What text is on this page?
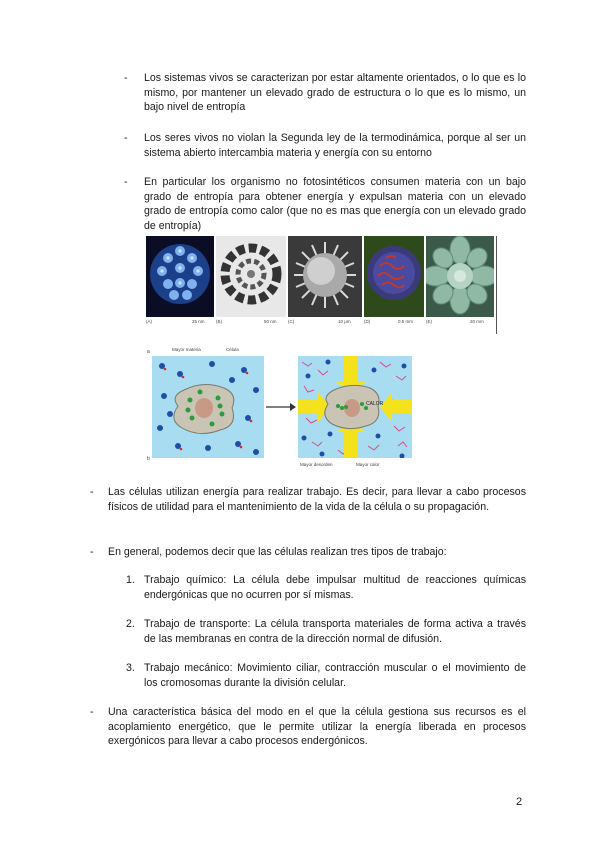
- Los sistemas vivos se caracterizan por estar altamente orientados, o lo que es lo mismo, por mantener un elevado grado de estructura o lo que es lo mismo, un bajo nivel de entropía
- Los seres vivos no violan la Segunda ley de la termodinámica, porque al ser un sistema abierto intercambia materia y energía con su entorno
- En particular los organismo no fotosintéticos consumen materia con un bajo grado de entropía para obtener energía y expulsan materia con un elevado grado de entropía como calor (que no es mas que energía con un elevado grado de entropía)
(A)	25 nm	(B)	50 nm	(C)	10 μm	(D)	0.5 mm	(E)	20 mm
a	Mayor materia	Célula
CALOR
b
Mayor desorden	Mayor calor
- Las células utilizan energía para realizar trabajo. Es decir, para llevar a cabo procesos físicos de utilidad para el mantenimiento de la vida de la célula o su propagación.
- En general, podemos decir que las células realizan tres tipos de trabajo:
1. Trabajo químico: La célula debe impulsar multitud de reacciones químicas endergónicas que no ocurren por sí mismas.
2. Trabajo de transporte: La célula transporta materiales de forma activa a través de las membranas en contra de la dirección normal de difusión.
3. Trabajo mecánico: Movimiento ciliar, contracción muscular o el movimiento de los cromosomas durante la división celular.
- Una característica básica del modo en el que la célula gestiona sus recursos es el acoplamiento energético, que le permite utilizar la energía liberada en procesos exergónicos para llevar a cabo procesos endergónicos.
2
